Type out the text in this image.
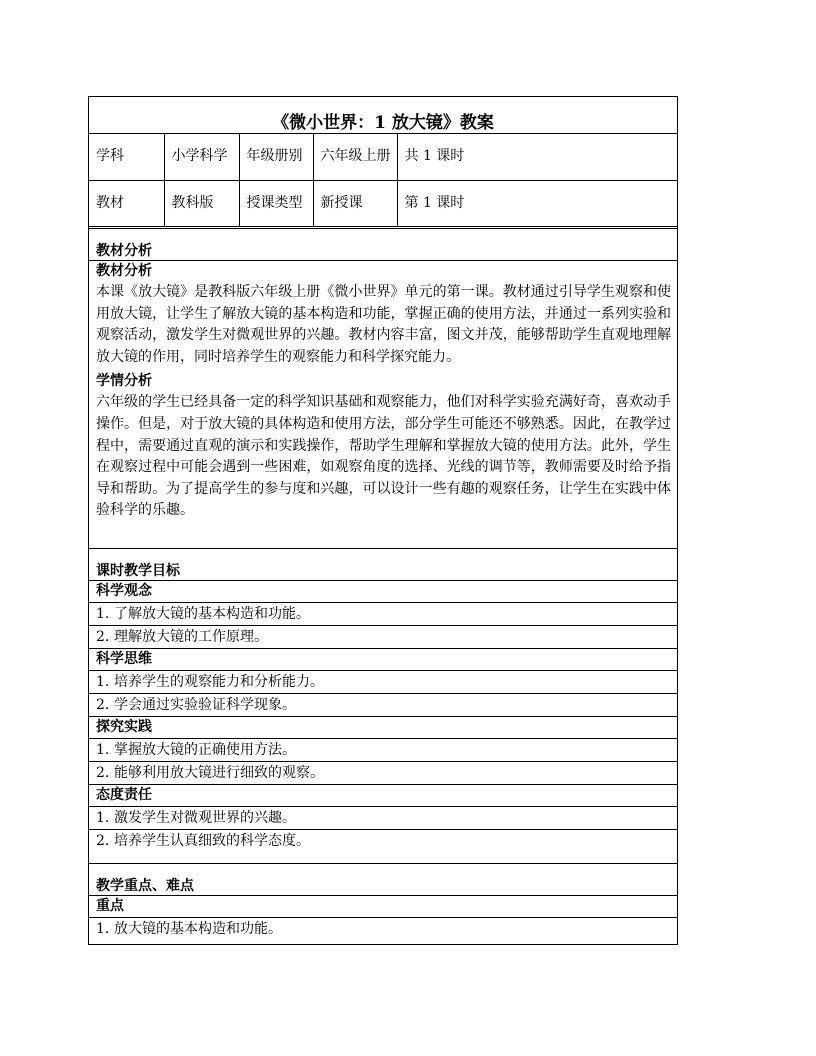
《微小世界：1 放大镜》教案
学科	小学科学	年级册别	六年级上册	共 1 课时
教材	教科版	授课类型	新授课	第 1 课时
教材分析
教材分析
本课《放大镜》是教科版六年级上册《微小世界》单元的第一课。教材通过引导学生观察和使用放大镜，让学生了解放大镜的基本构造和功能，掌握正确的使用方法，并通过一系列实验和观察活动，激发学生对微观世界的兴趣。教材内容丰富，图文并茂，能够帮助学生直观地理解放大镜的作用，同时培养学生的观察能力和科学探究能力。
学情分析
六年级的学生已经具备一定的科学知识基础和观察能力，他们对科学实验充满好奇，喜欢动手操作。但是，对于放大镜的具体构造和使用方法，部分学生可能还不够熟悉。因此，在教学过程中，需要通过直观的演示和实践操作，帮助学生理解和掌握放大镜的使用方法。此外，学生在观察过程中可能会遇到一些困难，如观察角度的选择、光线的调节等，教师需要及时给予指导和帮助。为了提高学生的参与度和兴趣，可以设计一些有趣的观察任务，让学生在实践中体验科学的乐趣。
课时教学目标
科学观念
1. 了解放大镜的基本构造和功能。
2. 理解放大镜的工作原理。
科学思维
1. 培养学生的观察能力和分析能力。
2. 学会通过实验验证科学现象。
探究实践
1. 掌握放大镜的正确使用方法。
2. 能够利用放大镜进行细致的观察。
态度责任
1. 激发学生对微观世界的兴趣。
2. 培养学生认真细致的科学态度。
教学重点、难点
重点
1. 放大镜的基本构造和功能。
